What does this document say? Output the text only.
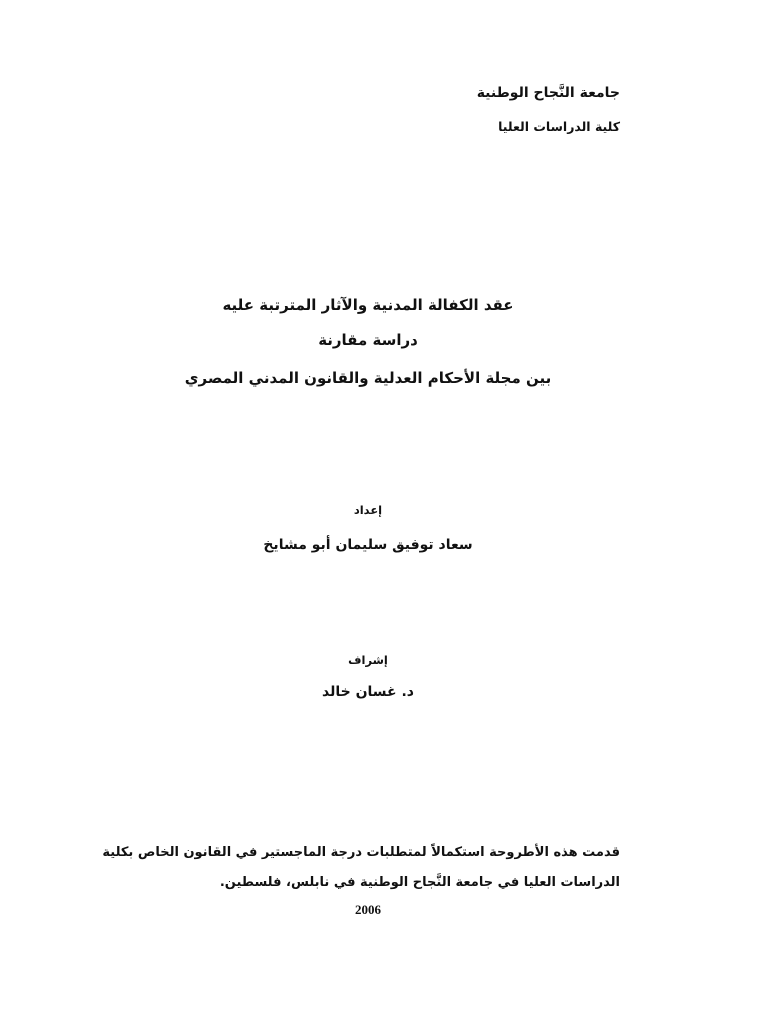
جامعة النَّجاح الوطنية
كلية الدراسات العليا
عقد الكفالة المدنية والآثار المترتبة عليه
دراسة مقارنة
بين مجلة الأحكام العدلية والقانون المدني المصري
إعداد
سعاد توفيق سليمان أبو مشايخ
إشراف
د. غسان خالد
قدمت هذه الأطروحة استكمالاً لمتطلبات درجة الماجستير في القانون الخاص بكلية
الدراسات العليا في جامعة النَّجاح الوطنية في نابلس، فلسطين.
2006
